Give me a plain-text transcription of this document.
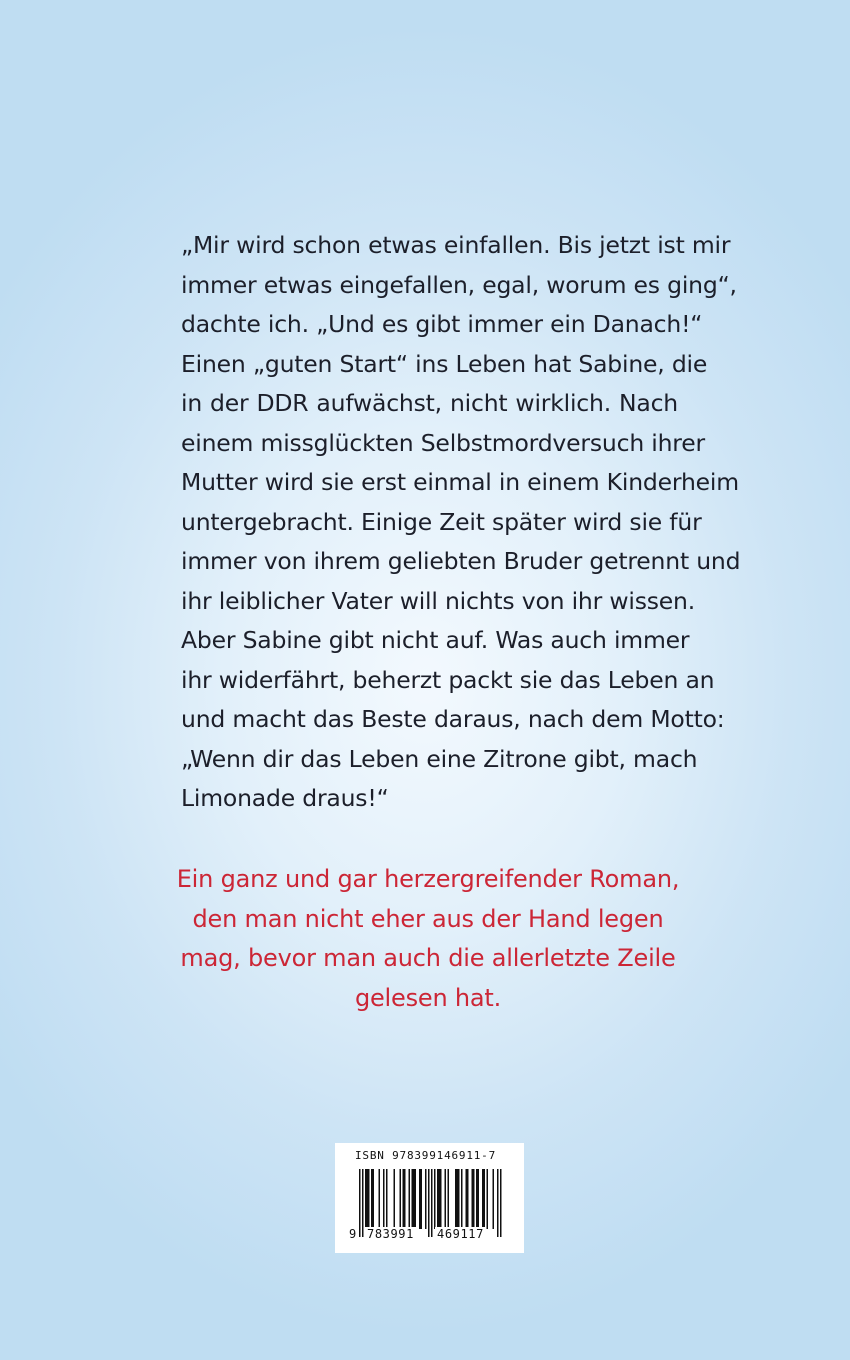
„Mir wird schon etwas einfallen. Bis jetzt ist mir
immer etwas eingefallen, egal, worum es ging“,
dachte ich. „Und es gibt immer ein Danach!“
Einen „guten Start“ ins Leben hat Sabine, die
in der DDR aufwächst, nicht wirklich. Nach
einem missglückten Selbstmordversuch ihrer
Mutter wird sie erst einmal in einem Kinderheim
untergebracht. Einige Zeit später wird sie für
immer von ihrem geliebten Bruder getrennt und
ihr leiblicher Vater will nichts von ihr wissen.
Aber Sabine gibt nicht auf. Was auch immer
ihr widerfährt, beherzt packt sie das Leben an
und macht das Beste daraus, nach dem Motto:
„Wenn dir das Leben eine Zitrone gibt, mach
Limonade draus!“
Ein ganz und gar herzergreifender Roman,
den man nicht eher aus der Hand legen
mag, bevor man auch die allerletzte Zeile
gelesen hat.
ISBN 978399146911-7
9 783991 469117
